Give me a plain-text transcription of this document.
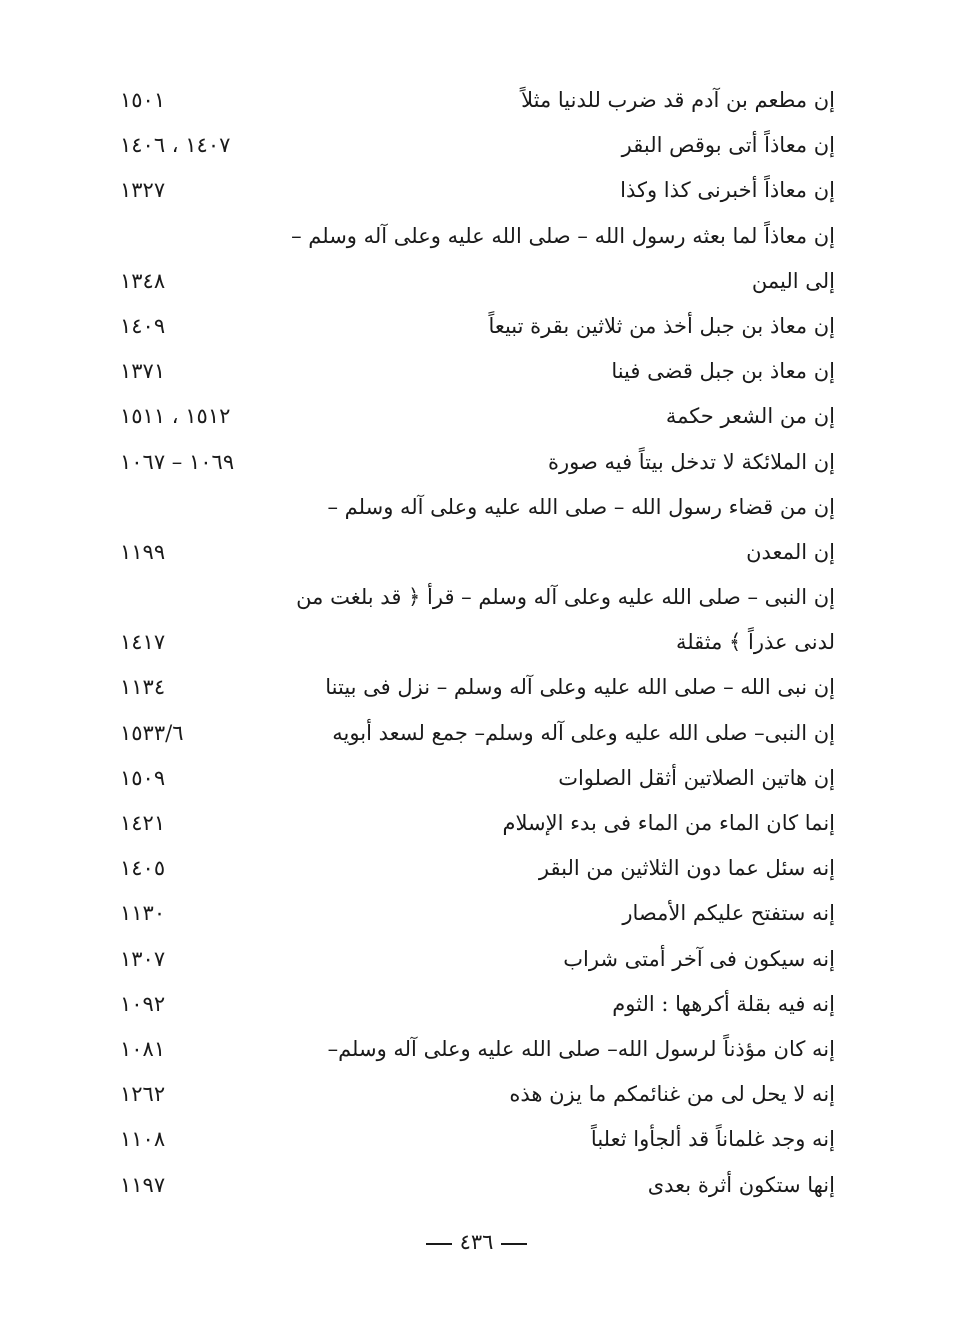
إن مطعم بن آدم قد ضرب للدنيا مثلاً
١٥٠١
إن معاذاً أتى بوقص البقر
١٤٠٧ ، ١٤٠٦
إن معاذاً أخبرنى كذا وكذا
١٣٢٧
إن معاذاً لما بعثه رسول الله – صلى الله عليه وعلى آله وسلم –
إلى اليمن
١٣٤٨
إن معاذ بن جبل أخذ من ثلاثين بقرة تبيعاً
١٤٠٩
إن معاذ بن جبل قضى فينا
١٣٧١
إن من الشعر حكمة
١٥١٢ ، ١٥١١
إن الملائكة لا تدخل بيتاً فيه صورة
١٠٦٩ – ١٠٦٧
إن من قضاء رسول الله – صلى الله عليه وعلى آله وسلم –
إن المعدن
١١٩٩
إن النبى – صلى الله عليه وعلى آله وسلم – قرأ ﴿ قد بلغت من
لدنى عذراً ﴾ مثقلة
١٤١٧
إن نبى الله – صلى الله عليه وعلى آله وسلم – نزل فى بيتنا
١١٣٤
إن النبى– صلى الله عليه وعلى آله وسلم– جمع لسعد أبويه
١٥٣٣/٦
إن هاتين الصلاتين أثقل الصلوات
١٥٠٩
إنما كان الماء من الماء فى بدء الإسلام
١٤٢١
إنه سئل عما دون الثلاثين من البقر
١٤٠٥
إنه ستفتح عليكم الأمصار
١١٣٠
إنه سيكون فى آخر أمتى شراب
١٣٠٧
إنه فيه بقلة أكرهها : الثوم
١٠٩٢
إنه كان مؤذناً لرسول الله– صلى الله عليه وعلى آله وسلم–
١٠٨١
إنه لا يحل لى من غنائمكم ما يزن هذه
١٢٦٢
إنه وجد غلماناً قد ألجأوا ثعلباً
١١٠٨
إنها ستكون أثرة بعدى
١١٩٧
٤٣٦
